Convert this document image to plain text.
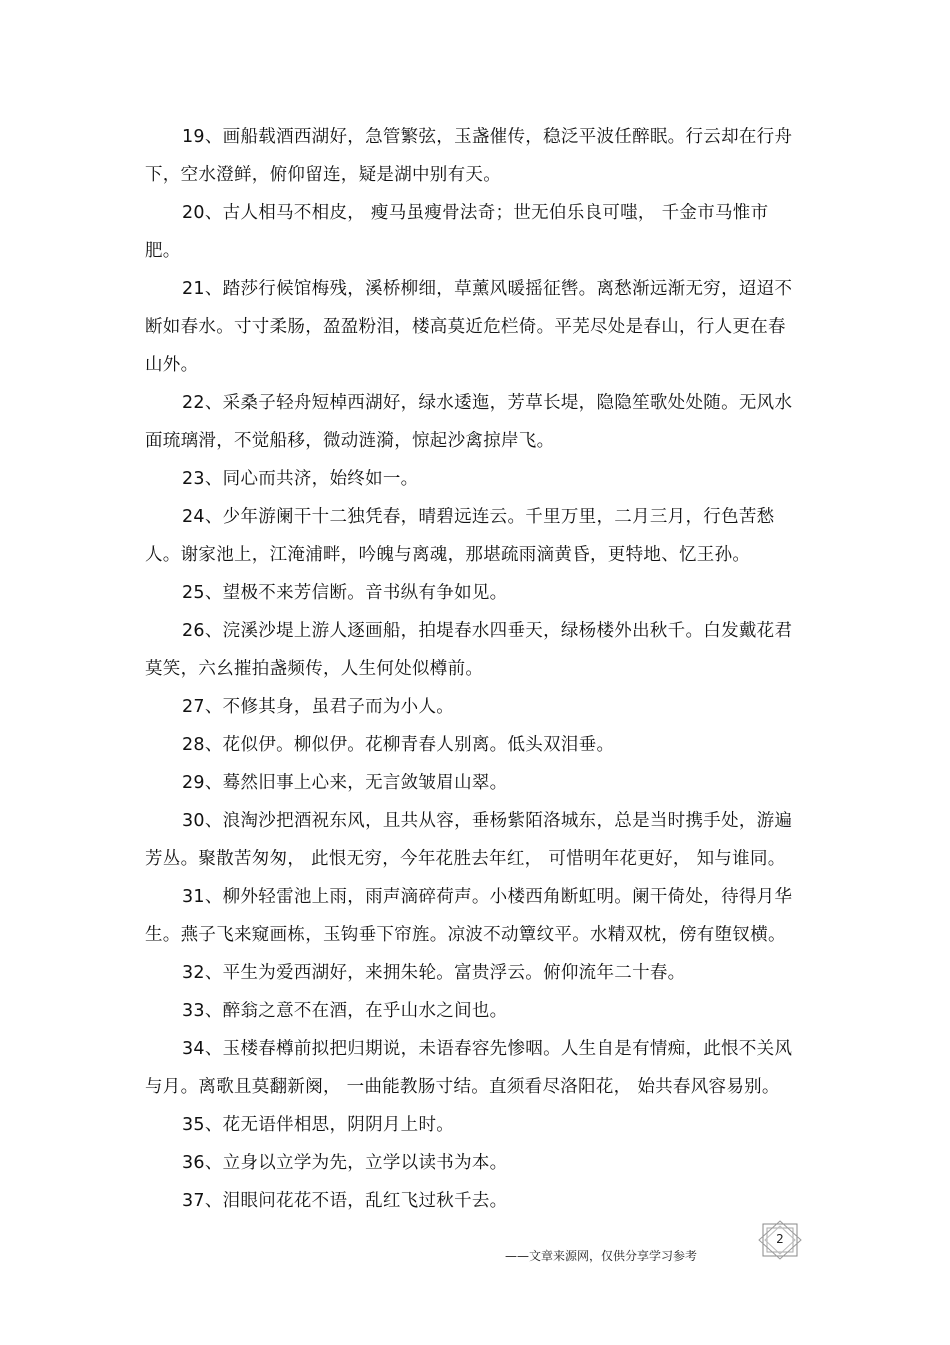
19、画船载酒西湖好，急管繁弦，玉盏催传，稳泛平波任醉眠。行云却在行舟下，空水澄鲜，俯仰留连，疑是湖中别有天。

20、古人相马不相皮， 瘦马虽瘦骨法奇；世无伯乐良可嗤， 千金市马惟市肥。

21、踏莎行候馆梅残，溪桥柳细，草薰风暖摇征辔。离愁渐远渐无穷，迢迢不断如春水。寸寸柔肠，盈盈粉泪，楼高莫近危栏倚。平芜尽处是春山，行人更在春山外。

22、采桑子轻舟短棹西湖好，绿水逶迤，芳草长堤，隐隐笙歌处处随。无风水面琉璃滑，不觉船移，微动涟漪，惊起沙禽掠岸飞。

23、同心而共济，始终如一。

24、少年游阑干十二独凭春，晴碧远连云。千里万里，二月三月，行色苦愁人。谢家池上，江淹浦畔，吟魄与离魂，那堪疏雨滴黄昏，更特地、忆王孙。

25、望极不来芳信断。音书纵有争如见。

26、浣溪沙堤上游人逐画船，拍堤春水四垂天，绿杨楼外出秋千。白发戴花君莫笑，六幺摧拍盏频传，人生何处似樽前。

27、不修其身，虽君子而为小人。

28、花似伊。柳似伊。花柳青春人别离。低头双泪垂。

29、蓦然旧事上心来，无言敛皱眉山翠。

30、浪淘沙把酒祝东风，且共从容，垂杨紫陌洛城东，总是当时携手处，游遍芳丛。聚散苦匆匆， 此恨无穷，今年花胜去年红， 可惜明年花更好， 知与谁同。

31、柳外轻雷池上雨，雨声滴碎荷声。小楼西角断虹明。阑干倚处，待得月华生。燕子飞来窥画栋，玉钩垂下帘旌。凉波不动簟纹平。水精双枕，傍有堕钗横。

32、平生为爱西湖好，来拥朱轮。富贵浮云。俯仰流年二十春。

33、醉翁之意不在酒，在乎山水之间也。

34、玉楼春樽前拟把归期说，未语春容先惨咽。人生自是有情痴，此恨不关风与月。离歌且莫翻新阕， 一曲能教肠寸结。直须看尽洛阳花， 始共春风容易别。

35、花无语伴相思，阴阴月上时。

36、立身以立学为先，立学以读书为本。

37、泪眼问花花不语，乱红飞过秋千去。

——文章来源网，仅供分享学习参考
2
